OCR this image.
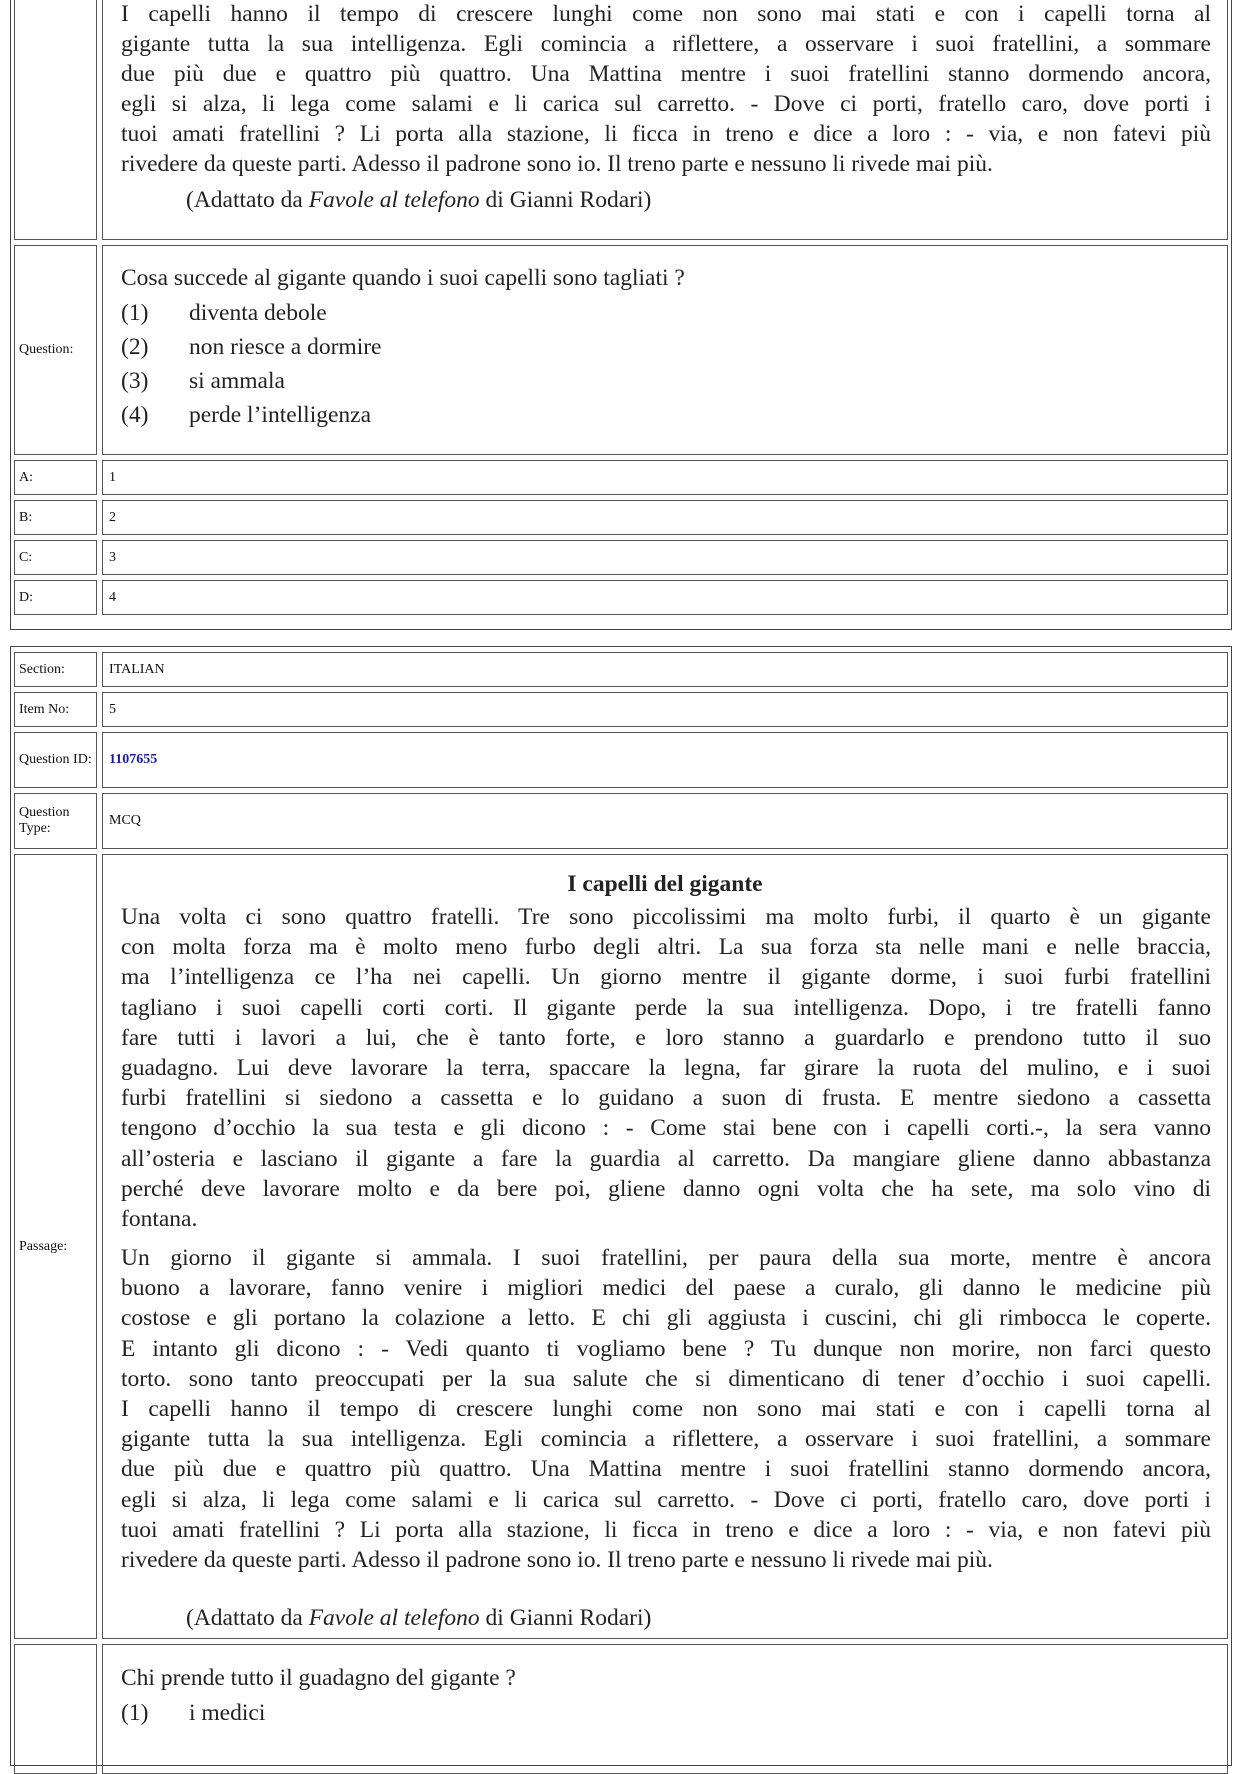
I capelli hanno il tempo di crescere lunghi come non sono mai stati e con i capelli torna al
gigante tutta la sua intelligenza. Egli comincia a riflettere, a osservare i suoi fratellini, a sommare
due più due e quattro più quattro. Una Mattina mentre i suoi fratellini stanno dormendo ancora,
egli si alza, li lega come salami e li carica sul carretto. - Dove ci porti, fratello caro, dove porti i
tuoi amati fratellini ? Li porta alla stazione, li ficca in treno e dice a loro : - via, e non fatevi più
rivedere da queste parti. Adesso il padrone sono io. Il treno parte e nessuno li rivede mai più.
(Adattato da Favole al telefono di Gianni Rodari)
Question:
Cosa succede al gigante quando i suoi capelli sono tagliati ?
(1) diventa debole
(2) non riesce a dormire
(3) si ammala
(4) perde l’intelligenza
A:	1
B:	2
C:	3
D:	4
Section:	ITALIAN
Item No:	5
Question ID: 1107655
Question Type:
MCQ
Passage:
I capelli del gigante
Una volta ci sono quattro fratelli. Tre sono piccolissimi ma molto furbi, il quarto è un gigante
con molta forza ma è molto meno furbo degli altri. La sua forza sta nelle mani e nelle braccia,
ma l’intelligenza ce l’ha nei capelli. Un giorno mentre il gigante dorme, i suoi furbi fratellini
tagliano i suoi capelli corti corti. Il gigante perde la sua intelligenza. Dopo, i tre fratelli fanno
fare tutti i lavori a lui, che è tanto forte, e loro stanno a guardarlo e prendono tutto il suo
guadagno. Lui deve lavorare la terra, spaccare la legna, far girare la ruota del mulino, e i suoi
furbi fratellini si siedono a cassetta e lo guidano a suon di frusta. E mentre siedono a cassetta
tengono d’occhio la sua testa e gli dicono : - Come stai bene con i capelli corti.-, la sera vanno
all’osteria e lasciano il gigante a fare la guardia al carretto. Da mangiare gliene danno abbastanza
perché deve lavorare molto e da bere poi, gliene danno ogni volta che ha sete, ma solo vino di
fontana.
Un giorno il gigante si ammala. I suoi fratellini, per paura della sua morte, mentre è ancora
buono a lavorare, fanno venire i migliori medici del paese a curalo, gli danno le medicine più
costose e gli portano la colazione a letto. E chi gli aggiusta i cuscini, chi gli rimbocca le coperte.
E intanto gli dicono : - Vedi quanto ti vogliamo bene ? Tu dunque non morire, non farci questo
torto. sono tanto preoccupati per la sua salute che si dimenticano di tener d’occhio i suoi capelli.
I capelli hanno il tempo di crescere lunghi come non sono mai stati e con i capelli torna al
gigante tutta la sua intelligenza. Egli comincia a riflettere, a osservare i suoi fratellini, a sommare
due più due e quattro più quattro. Una Mattina mentre i suoi fratellini stanno dormendo ancora,
egli si alza, li lega come salami e li carica sul carretto. - Dove ci porti, fratello caro, dove porti i
tuoi amati fratellini ? Li porta alla stazione, li ficca in treno e dice a loro : - via, e non fatevi più
rivedere da queste parti. Adesso il padrone sono io. Il treno parte e nessuno li rivede mai più.
(Adattato da Favole al telefono di Gianni Rodari)
Chi prende tutto il guadagno del gigante ?
(1) i medici
